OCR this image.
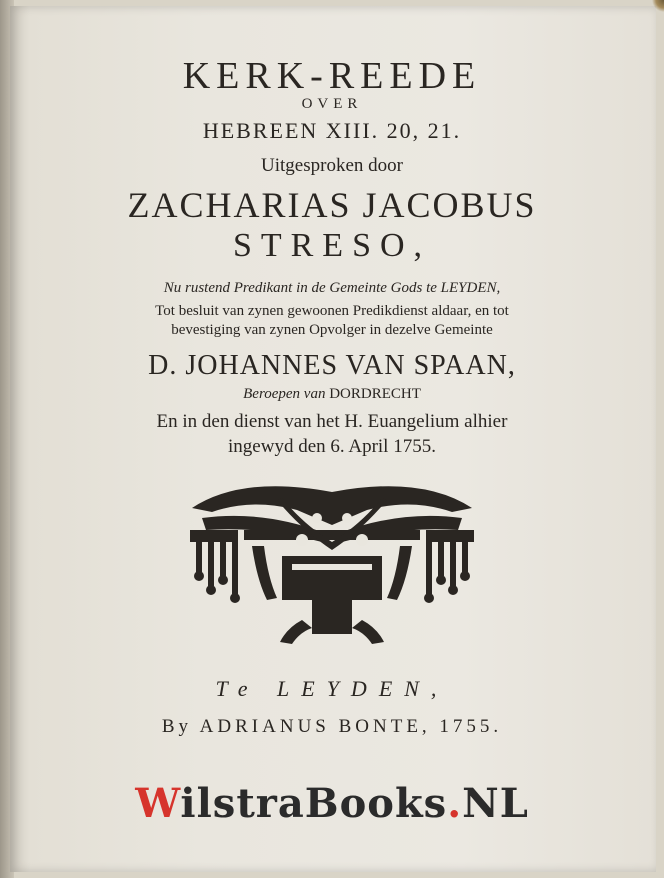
KERK-REEDE
OVER
HEBREEN XIII. 20, 21.
Uitgesproken door
ZACHARIAS JACOBUS
STRESO,
Nu rustend Predikant in de Gemeinte Gods te LEYDEN,
Tot besluit van zynen gewoonen Predikdienst aldaar, en tot
bevestiging van zynen Opvolger in dezelve Gemeinte
D. JOHANNES VAN SPAAN,
Beroepen van DORDRECHT
En in den dienst van het H. Euangelium alhier
ingewyd den 6. April 1755.
Te LEYDEN,
By ADRIANUS BONTE, 1755.
WilstraBooks.NL
